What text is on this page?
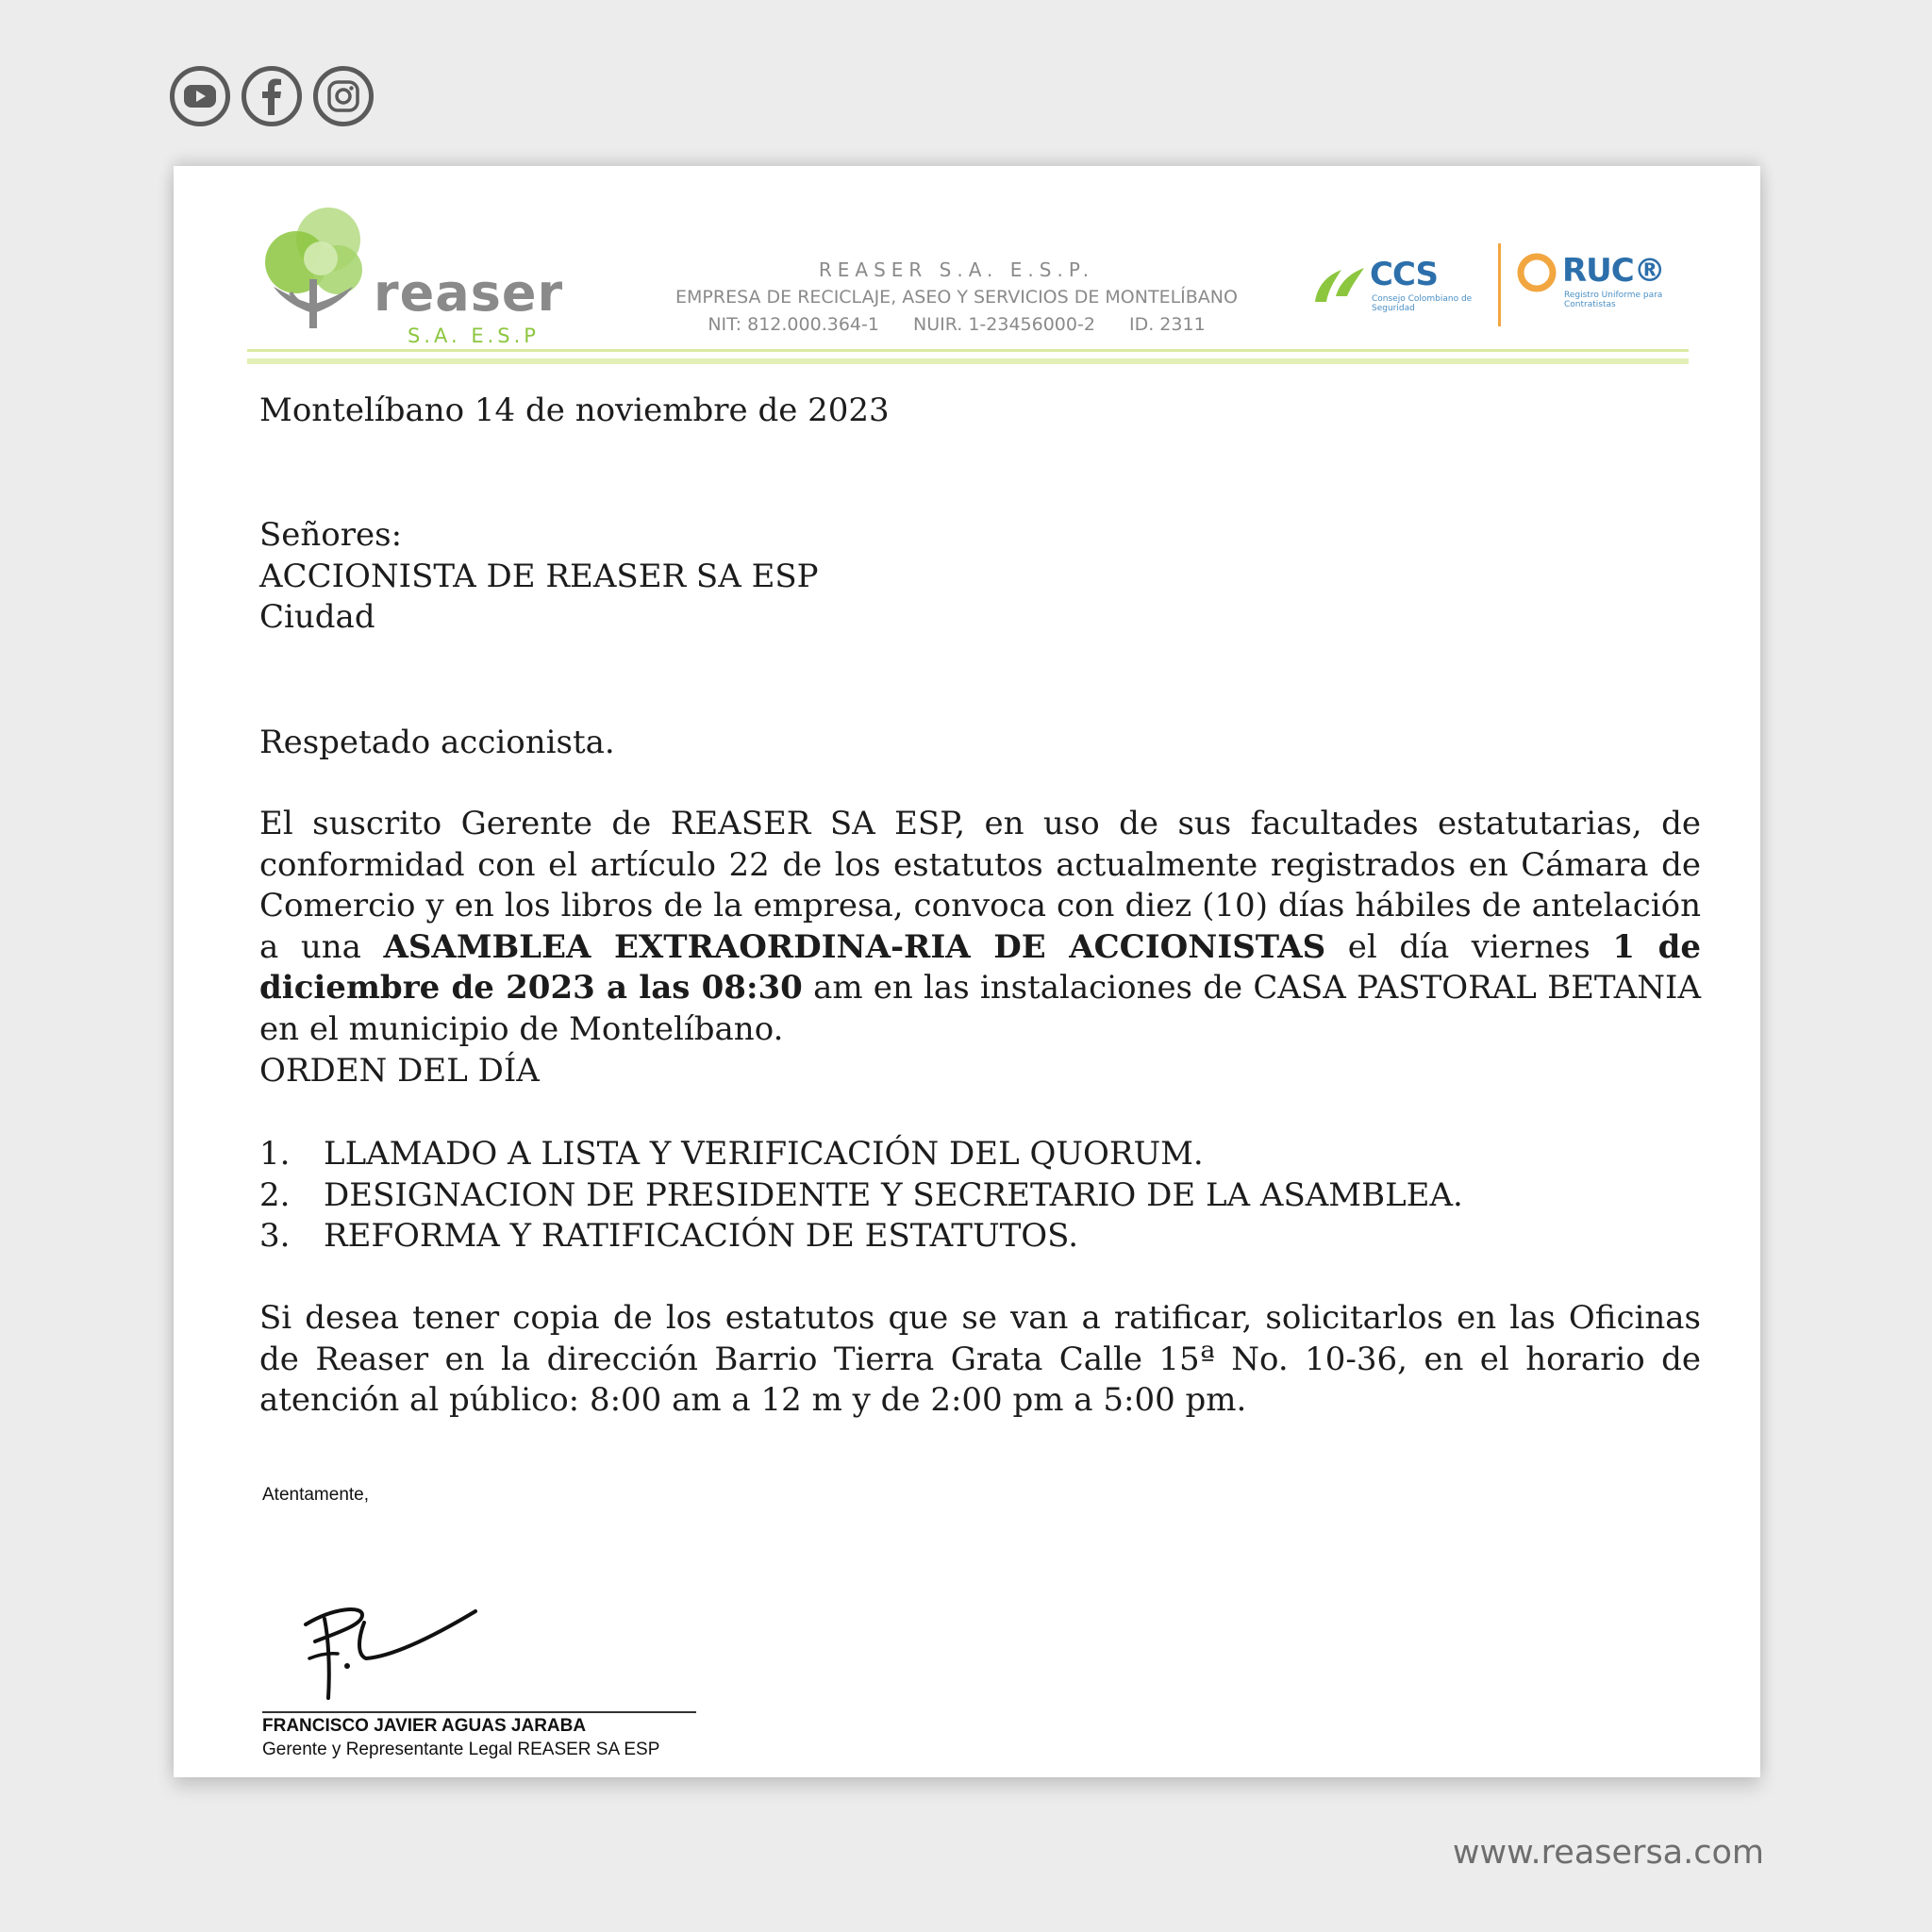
reaser
S.A. E.S.P
REASER S.A. E.S.P.
EMPRESA DE RECICLAJE, ASEO Y SERVICIOS DE MONTELÍBANO
NIT: 812.000.364-1 NUIR. 1-23456000-2 ID. 2311
CCS
Consejo Colombiano de Seguridad
RUC®
Registro Uniforme para Contratistas
Montelíbano 14 de noviembre de 2023
Señores:
ACCIONISTA DE REASER SA ESP
Ciudad
Respetado accionista.
El suscrito Gerente de REASER SA ESP, en uso de sus facultades estatutarias, de conformidad con el artículo 22 de los estatutos actualmente registrados en Cámara de Comercio y en los libros de la empresa, convoca con diez (10) días hábiles de antelación a una ASAMBLEA EXTRAORDINA-RIA DE ACCIONISTAS el día viernes 1 de diciembre de 2023 a las 08:30 am en las instalaciones de CASA PASTORAL BETANIA en el municipio de Montelíbano.
ORDEN DEL DÍA
1.	LLAMADO A LISTA Y VERIFICACIÓN DEL QUORUM.
2.	DESIGNACION DE PRESIDENTE Y SECRETARIO DE LA ASAMBLEA.
3.	REFORMA Y RATIFICACIÓN DE ESTATUTOS.
Si desea tener copia de los estatutos que se van a ratificar, solicitarlos en las Oficinas de Reaser en la dirección Barrio Tierra Grata Calle 15ª No. 10-36, en el horario de atención al público: 8:00 am a 12 m y de 2:00 pm a 5:00 pm.
Atentamente,
FRANCISCO JAVIER AGUAS JARABA
Gerente y Representante Legal REASER SA ESP
www.reasersa.com
